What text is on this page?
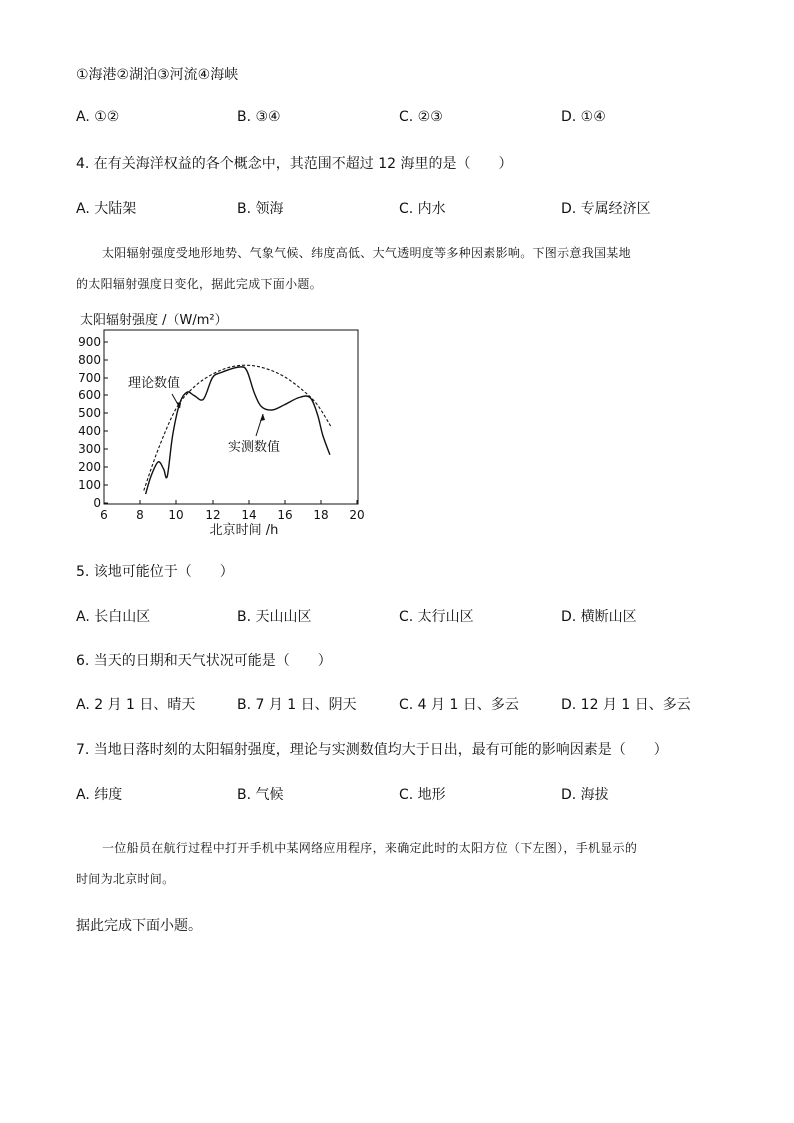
①海港②湖泊③河流④海峡
A. ①②	B. ③④	C. ②③	D. ①④
4. 在有关海洋权益的各个概念中，其范围不超过 12 海里的是（　　）
A. 大陆架	B. 领海	C. 内水	D. 专属经济区
太阳辐射强度受地形地势、气象气候、纬度高低、大气透明度等多种因素影响。下图示意我国某地
的太阳辐射强度日变化，据此完成下面小题。
太阳辐射强度 /（W/m²）
0
100
200
300
400
500
600
700
800
900
6 8 10 12 14 16 18 20
北京时间 /h
理论数值
实测数值
5. 该地可能位于（　　）
A. 长白山区	B. 天山山区	C. 太行山区	D. 横断山区
6. 当天的日期和天气状况可能是（　　）
A. 2 月 1 日、晴天	B. 7 月 1 日、阴天	C. 4 月 1 日、多云	D. 12 月 1 日、多云
7. 当地日落时刻的太阳辐射强度，理论与实测数值均大于日出，最有可能的影响因素是（　　）
A. 纬度	B. 气候	C. 地形	D. 海拔
一位船员在航行过程中打开手机中某网络应用程序，来确定此时的太阳方位（下左图），手机显示的
时间为北京时间。
据此完成下面小题。
